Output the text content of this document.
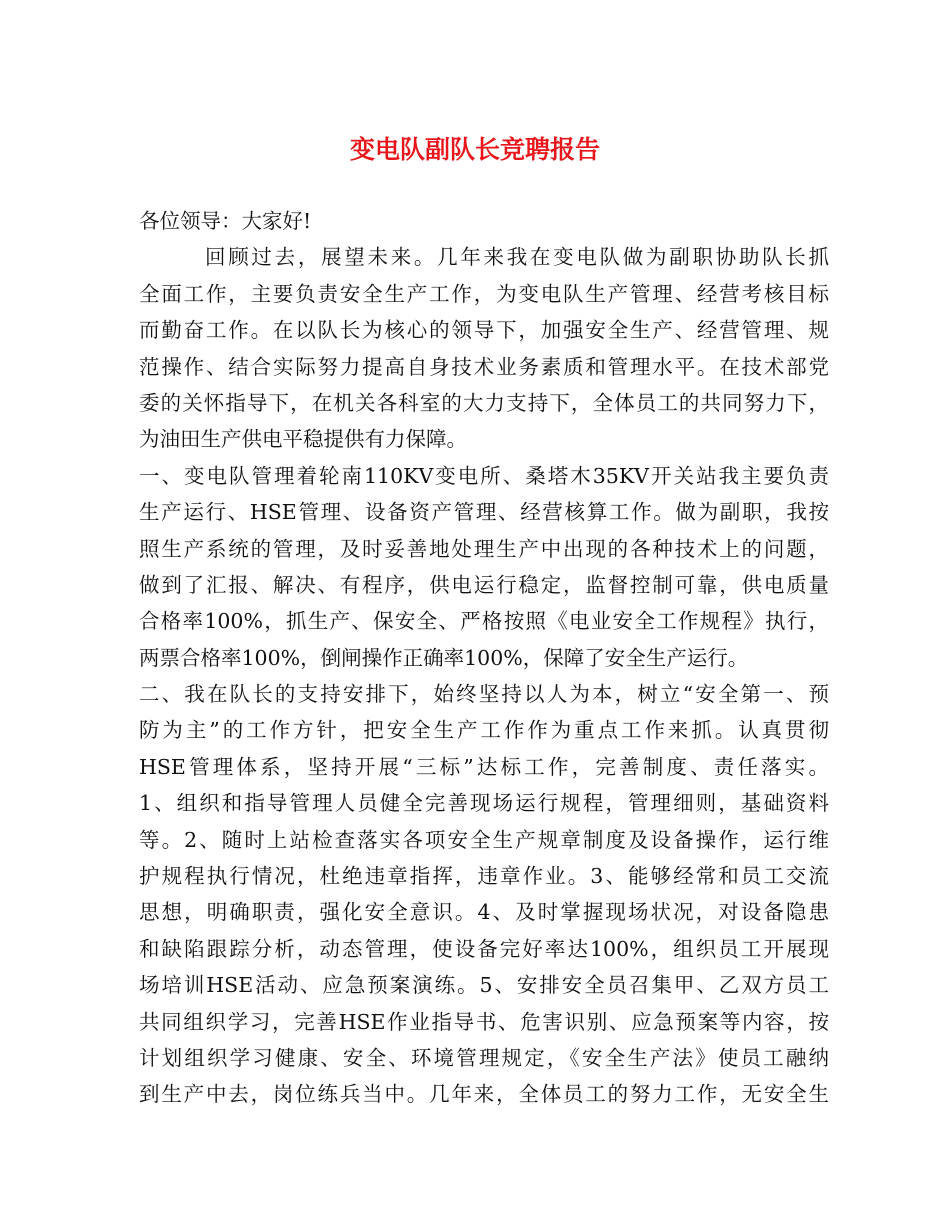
变电队副队长竞聘报告
各位领导：大家好!
回顾过去，展望未来。几年来我在变电队做为副职协助队长抓
全面工作，主要负责安全生产工作，为变电队生产管理、经营考核目标
而勤奋工作。在以队长为核心的领导下，加强安全生产、经营管理、规
范操作、结合实际努力提高自身技术业务素质和管理水平。在技术部党
委的关怀指导下，在机关各科室的大力支持下，全体员工的共同努力下，
为油田生产供电平稳提供有力保障。
一、变电队管理着轮南110KV变电所、桑塔木35KV开关站我主要负责
生产运行、HSE管理、设备资产管理、经营核算工作。做为副职，我按
照生产系统的管理，及时妥善地处理生产中出现的各种技术上的问题，
做到了汇报、解决、有程序，供电运行稳定，监督控制可靠，供电质量
合格率100%，抓生产、保安全、严格按照《电业安全工作规程》执行，
两票合格率100%，倒闸操作正确率100%，保障了安全生产运行。
二、我在队长的支持安排下，始终坚持以人为本，树立“安全第一、预
防为主”的工作方针，把安全生产工作作为重点工作来抓。认真贯彻
HSE管理体系，坚持开展“三标”达标工作，完善制度、责任落实。
1、组织和指导管理人员健全完善现场运行规程，管理细则，基础资料
等。2、随时上站检查落实各项安全生产规章制度及设备操作，运行维
护规程执行情况，杜绝违章指挥，违章作业。3、能够经常和员工交流
思想，明确职责，强化安全意识。4、及时掌握现场状况，对设备隐患
和缺陷跟踪分析，动态管理，使设备完好率达100%，组织员工开展现
场培训HSE活动、应急预案演练。5、安排安全员召集甲、乙双方员工
共同组织学习，完善HSE作业指导书、危害识别、应急预案等内容，按
计划组织学习健康、安全、环境管理规定，《安全生产法》使员工融纳
到生产中去，岗位练兵当中。几年来，全体员工的努力工作，无安全生
